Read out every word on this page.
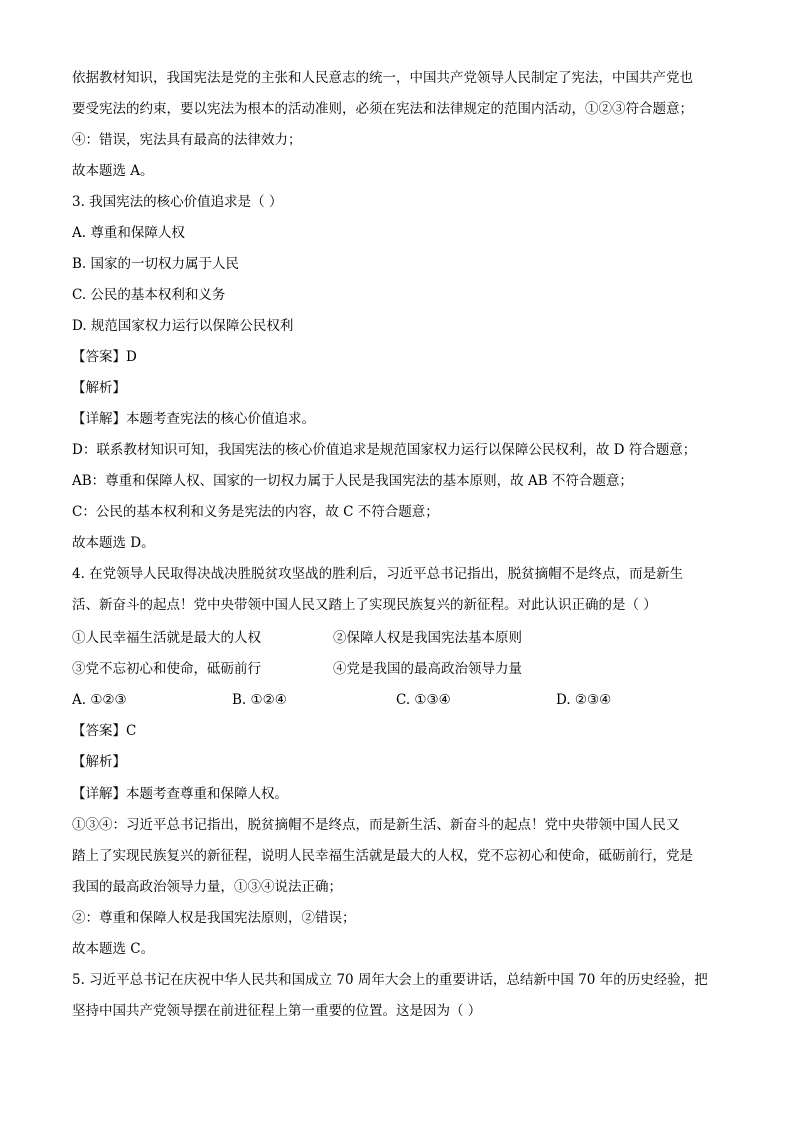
依据教材知识，我国宪法是党的主张和人民意志的统一，中国共产党领导人民制定了宪法，中国共产党也
要受宪法的约束，要以宪法为根本的活动准则，必须在宪法和法律规定的范围内活动，①②③符合题意；
④：错误，宪法具有最高的法律效力；
故本题选 A。
3. 我国宪法的核心价值追求是（ ）
A. 尊重和保障人权
B. 国家的一切权力属于人民
C. 公民的基本权利和义务
D. 规范国家权力运行以保障公民权利
【答案】D
【解析】
【详解】本题考查宪法的核心价值追求。
D：联系教材知识可知，我国宪法的核心价值追求是规范国家权力运行以保障公民权利，故 D 符合题意；
AB：尊重和保障人权、国家的一切权力属于人民是我国宪法的基本原则，故 AB 不符合题意；
C：公民的基本权利和义务是宪法的内容，故 C 不符合题意；
故本题选 D。
4. 在党领导人民取得决战决胜脱贫攻坚战的胜利后，习近平总书记指出，脱贫摘帽不是终点，而是新生
活、新奋斗的起点！党中央带领中国人民又踏上了实现民族复兴的新征程。对此认识正确的是（ ）
①人民幸福生活就是最大的人权	②保障人权是我国宪法基本原则
③党不忘初心和使命，砥砺前行	④党是我国的最高政治领导力量
A. ①②③	B. ①②④	C. ①③④	D. ②③④
【答案】C
【解析】
【详解】本题考查尊重和保障人权。
①③④：习近平总书记指出，脱贫摘帽不是终点，而是新生活、新奋斗的起点！党中央带领中国人民又
踏上了实现民族复兴的新征程，说明人民幸福生活就是最大的人权，党不忘初心和使命，砥砺前行，党是
我国的最高政治领导力量，①③④说法正确；
②：尊重和保障人权是我国宪法原则，②错误；
故本题选 C。
5. 习近平总书记在庆祝中华人民共和国成立 70 周年大会上的重要讲话，总结新中国 70 年的历史经验，把
坚持中国共产党领导摆在前进征程上第一重要的位置。这是因为（ ）
